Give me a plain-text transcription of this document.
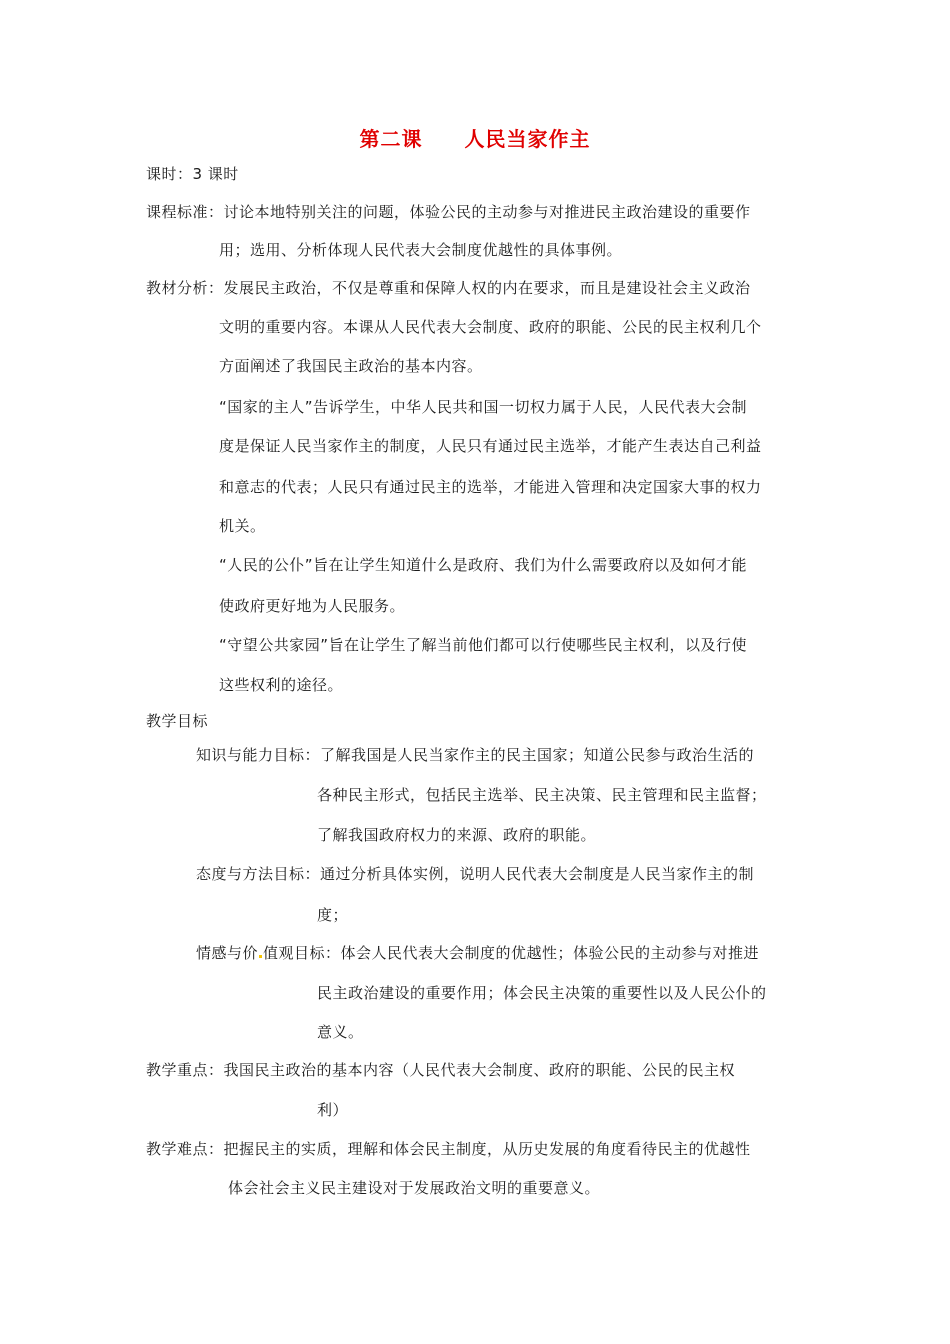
第二课　　人民当家作主
课时：3 课时
课程标准：讨论本地特别关注的问题，体验公民的主动参与对推进民主政治建设的重要作
用；选用、分析体现人民代表大会制度优越性的具体事例。
教材分析：发展民主政治，不仅是尊重和保障人权的内在要求，而且是建设社会主义政治
文明的重要内容。本课从人民代表大会制度、政府的职能、公民的民主权利几个
方面阐述了我国民主政治的基本内容。
“国家的主人”告诉学生，中华人民共和国一切权力属于人民，人民代表大会制
度是保证人民当家作主的制度，人民只有通过民主选举，才能产生表达自己利益
和意志的代表；人民只有通过民主的选举，才能进入管理和决定国家大事的权力
机关。
“人民的公仆”旨在让学生知道什么是政府、我们为什么需要政府以及如何才能
使政府更好地为人民服务。
“守望公共家园”旨在让学生了解当前他们都可以行使哪些民主权利，以及行使
这些权利的途径。
教学目标
知识与能力目标：了解我国是人民当家作主的民主国家；知道公民参与政治生活的
各种民主形式，包括民主选举、民主决策、民主管理和民主监督；
了解我国政府权力的来源、政府的职能。
态度与方法目标：通过分析具体实例，说明人民代表大会制度是人民当家作主的制
度；
情感与价 值观目标：体会人民代表大会制度的优越性；体验公民的主动参与对推进
民主政治建设的重要作用；体会民主决策的重要性以及人民公仆的
意义。
教学重点：我国民主政治的基本内容（人民代表大会制度、政府的职能、公民的民主权
利）
教学难点：把握民主的实质，理解和体会民主制度，从历史发展的角度看待民主的优越性
体会社会主义民主建设对于发展政治文明的重要意义。
